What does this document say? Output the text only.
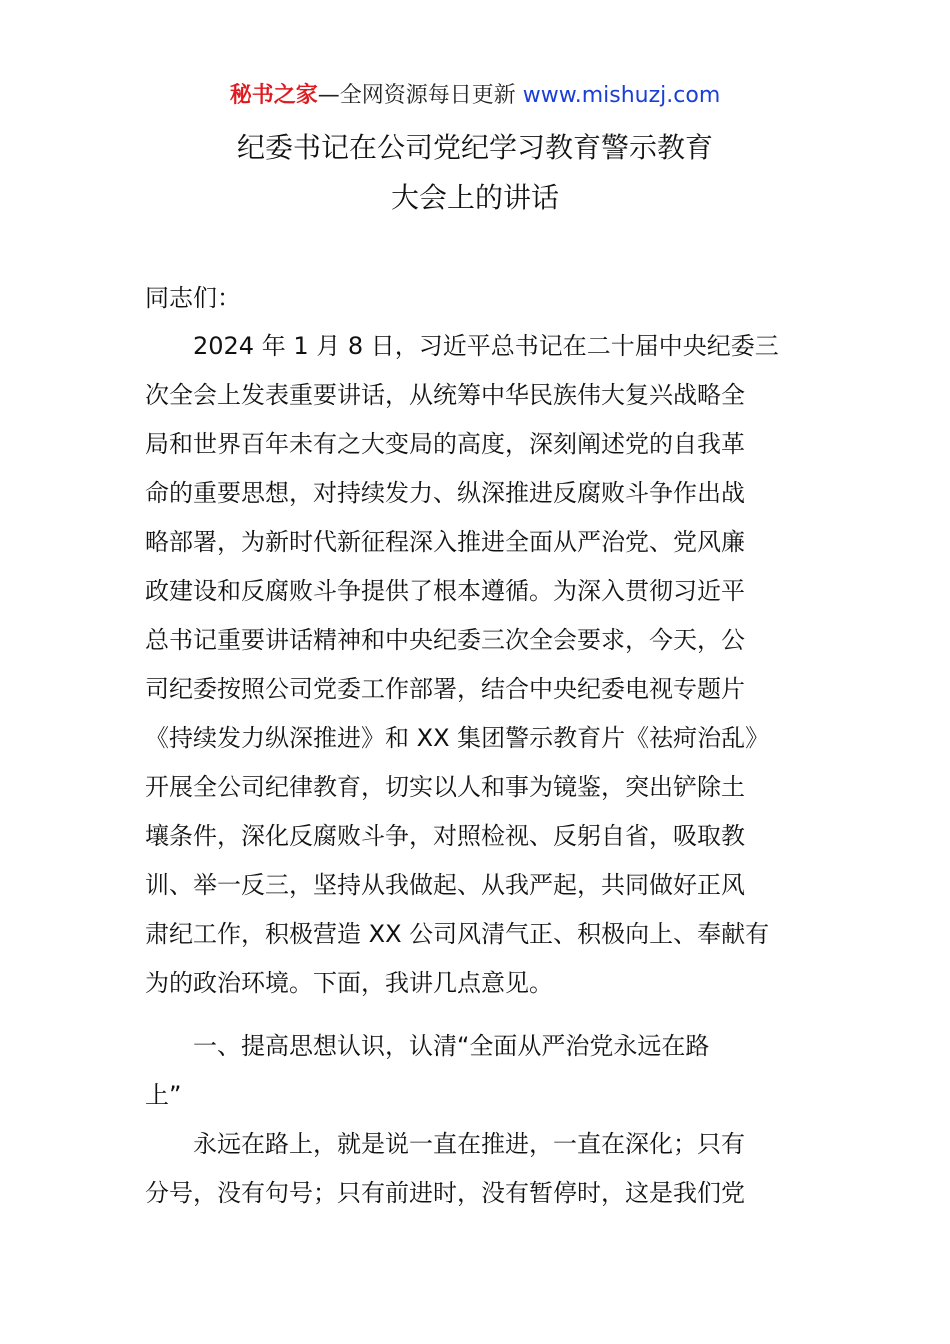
秘书之家—全网资源每日更新 www.mishuzj.com
纪委书记在公司党纪学习教育警示教育
大会上的讲话
同志们：
　　2024 年 1 月 8 日，习近平总书记在二十届中央纪委三
次全会上发表重要讲话，从统筹中华民族伟大复兴战略全
局和世界百年未有之大变局的高度，深刻阐述党的自我革
命的重要思想，对持续发力、纵深推进反腐败斗争作出战
略部署，为新时代新征程深入推进全面从严治党、党风廉
政建设和反腐败斗争提供了根本遵循。为深入贯彻习近平
总书记重要讲话精神和中央纪委三次全会要求，今天，公
司纪委按照公司党委工作部署，结合中央纪委电视专题片
《持续发力纵深推进》和 XX 集团警示教育片《祛疴治乱》
开展全公司纪律教育，切实以人和事为镜鉴，突出铲除土
壤条件，深化反腐败斗争，对照检视、反躬自省，吸取教
训、举一反三，坚持从我做起、从我严起，共同做好正风
肃纪工作，积极营造 XX 公司风清气正、积极向上、奉献有
为的政治环境。下面，我讲几点意见。
　　一、提高思想认识，认清“全面从严治党永远在路
上”
　　永远在路上，就是说一直在推进，一直在深化；只有
分号，没有句号；只有前进时，没有暂停时，这是我们党
